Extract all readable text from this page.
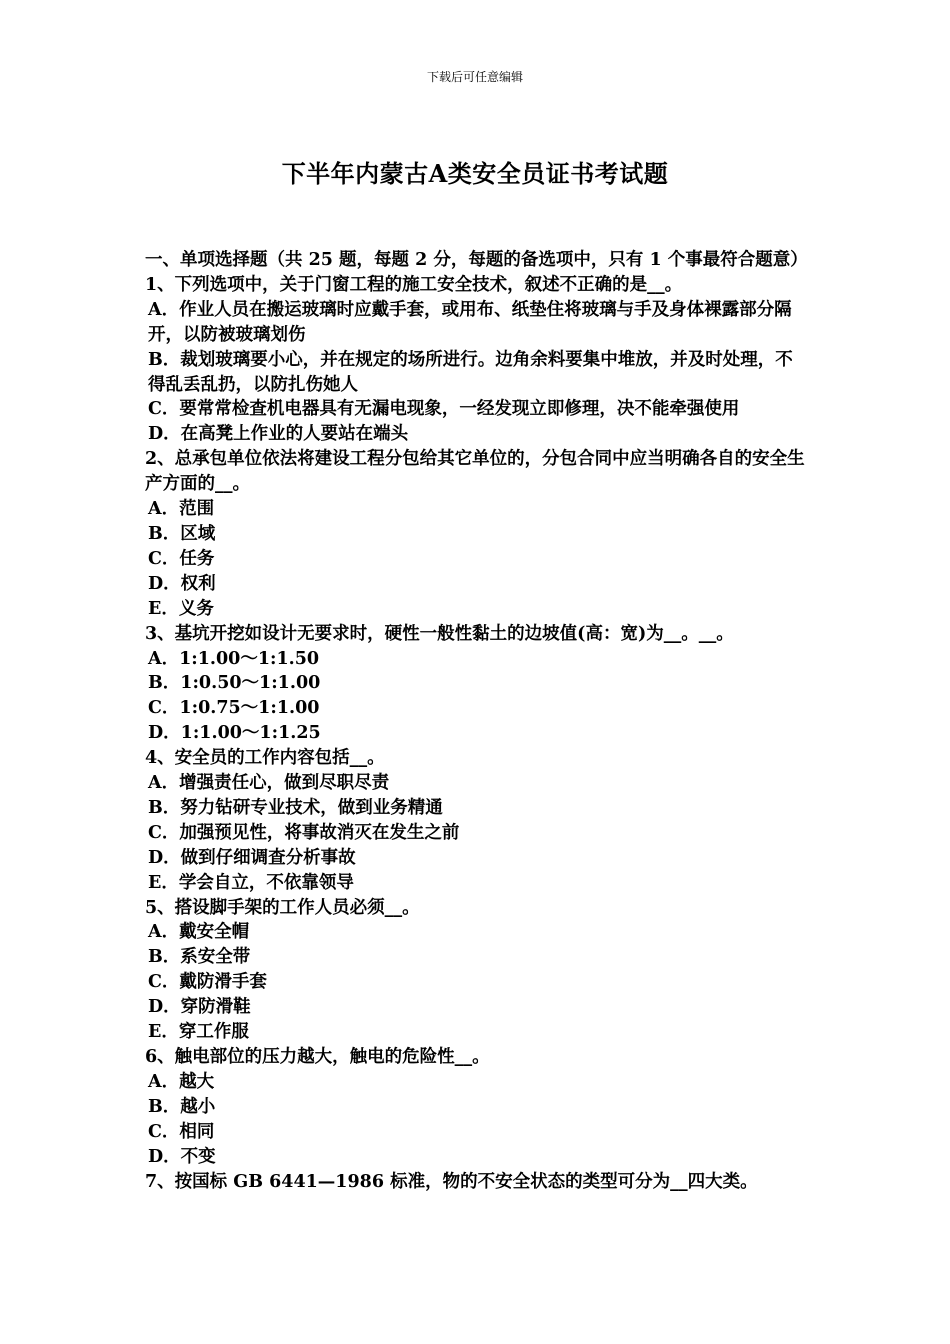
下载后可任意编辑
下半年内蒙古A类安全员证书考试题

一、单项选择题（共 25 题，每题 2 分，每题的备选项中，只有 1 个事最符合题意）

1、下列选项中，关于门窗工程的施工安全技术，叙述不正确的是__。

A．作业人员在搬运玻璃时应戴手套，或用布、纸垫住将玻璃与手及身体裸露部分隔开，以防被玻璃划伤

B．裁划玻璃要小心，并在规定的场所进行。边角余料要集中堆放，并及时处理，不得乱丢乱扔，以防扎伤她人

C．要常常检查机电器具有无漏电现象，一经发现立即修理，决不能牵强使用

D．在高凳上作业的人要站在端头

2、总承包单位依法将建设工程分包给其它单位的，分包合同中应当明确各自的安全生产方面的__。

A．范围

B．区域

C．任务

D．权利

E．义务

3、基坑开挖如设计无要求时，硬性一般性黏土的边坡值(高：宽)为__。__。

A．1:1.00～1:1.50

B．1:0.50～1:1.00

C．1:0.75～1:1.00

D．1:1.00～1:1.25

4、安全员的工作内容包括__。

A．增强责任心，做到尽职尽责

B．努力钻研专业技术，做到业务精通

C．加强预见性，将事故消灭在发生之前

D．做到仔细调查分析事故

E．学会自立，不依靠领导

5、搭设脚手架的工作人员必须__。

A．戴安全帽

B．系安全带

C．戴防滑手套

D．穿防滑鞋

E．穿工作服

6、触电部位的压力越大，触电的危险性__。

A．越大

B．越小

C．相同

D．不变

7、按国标 GB 6441—1986 标准，物的不安全状态的类型可分为__四大类。
